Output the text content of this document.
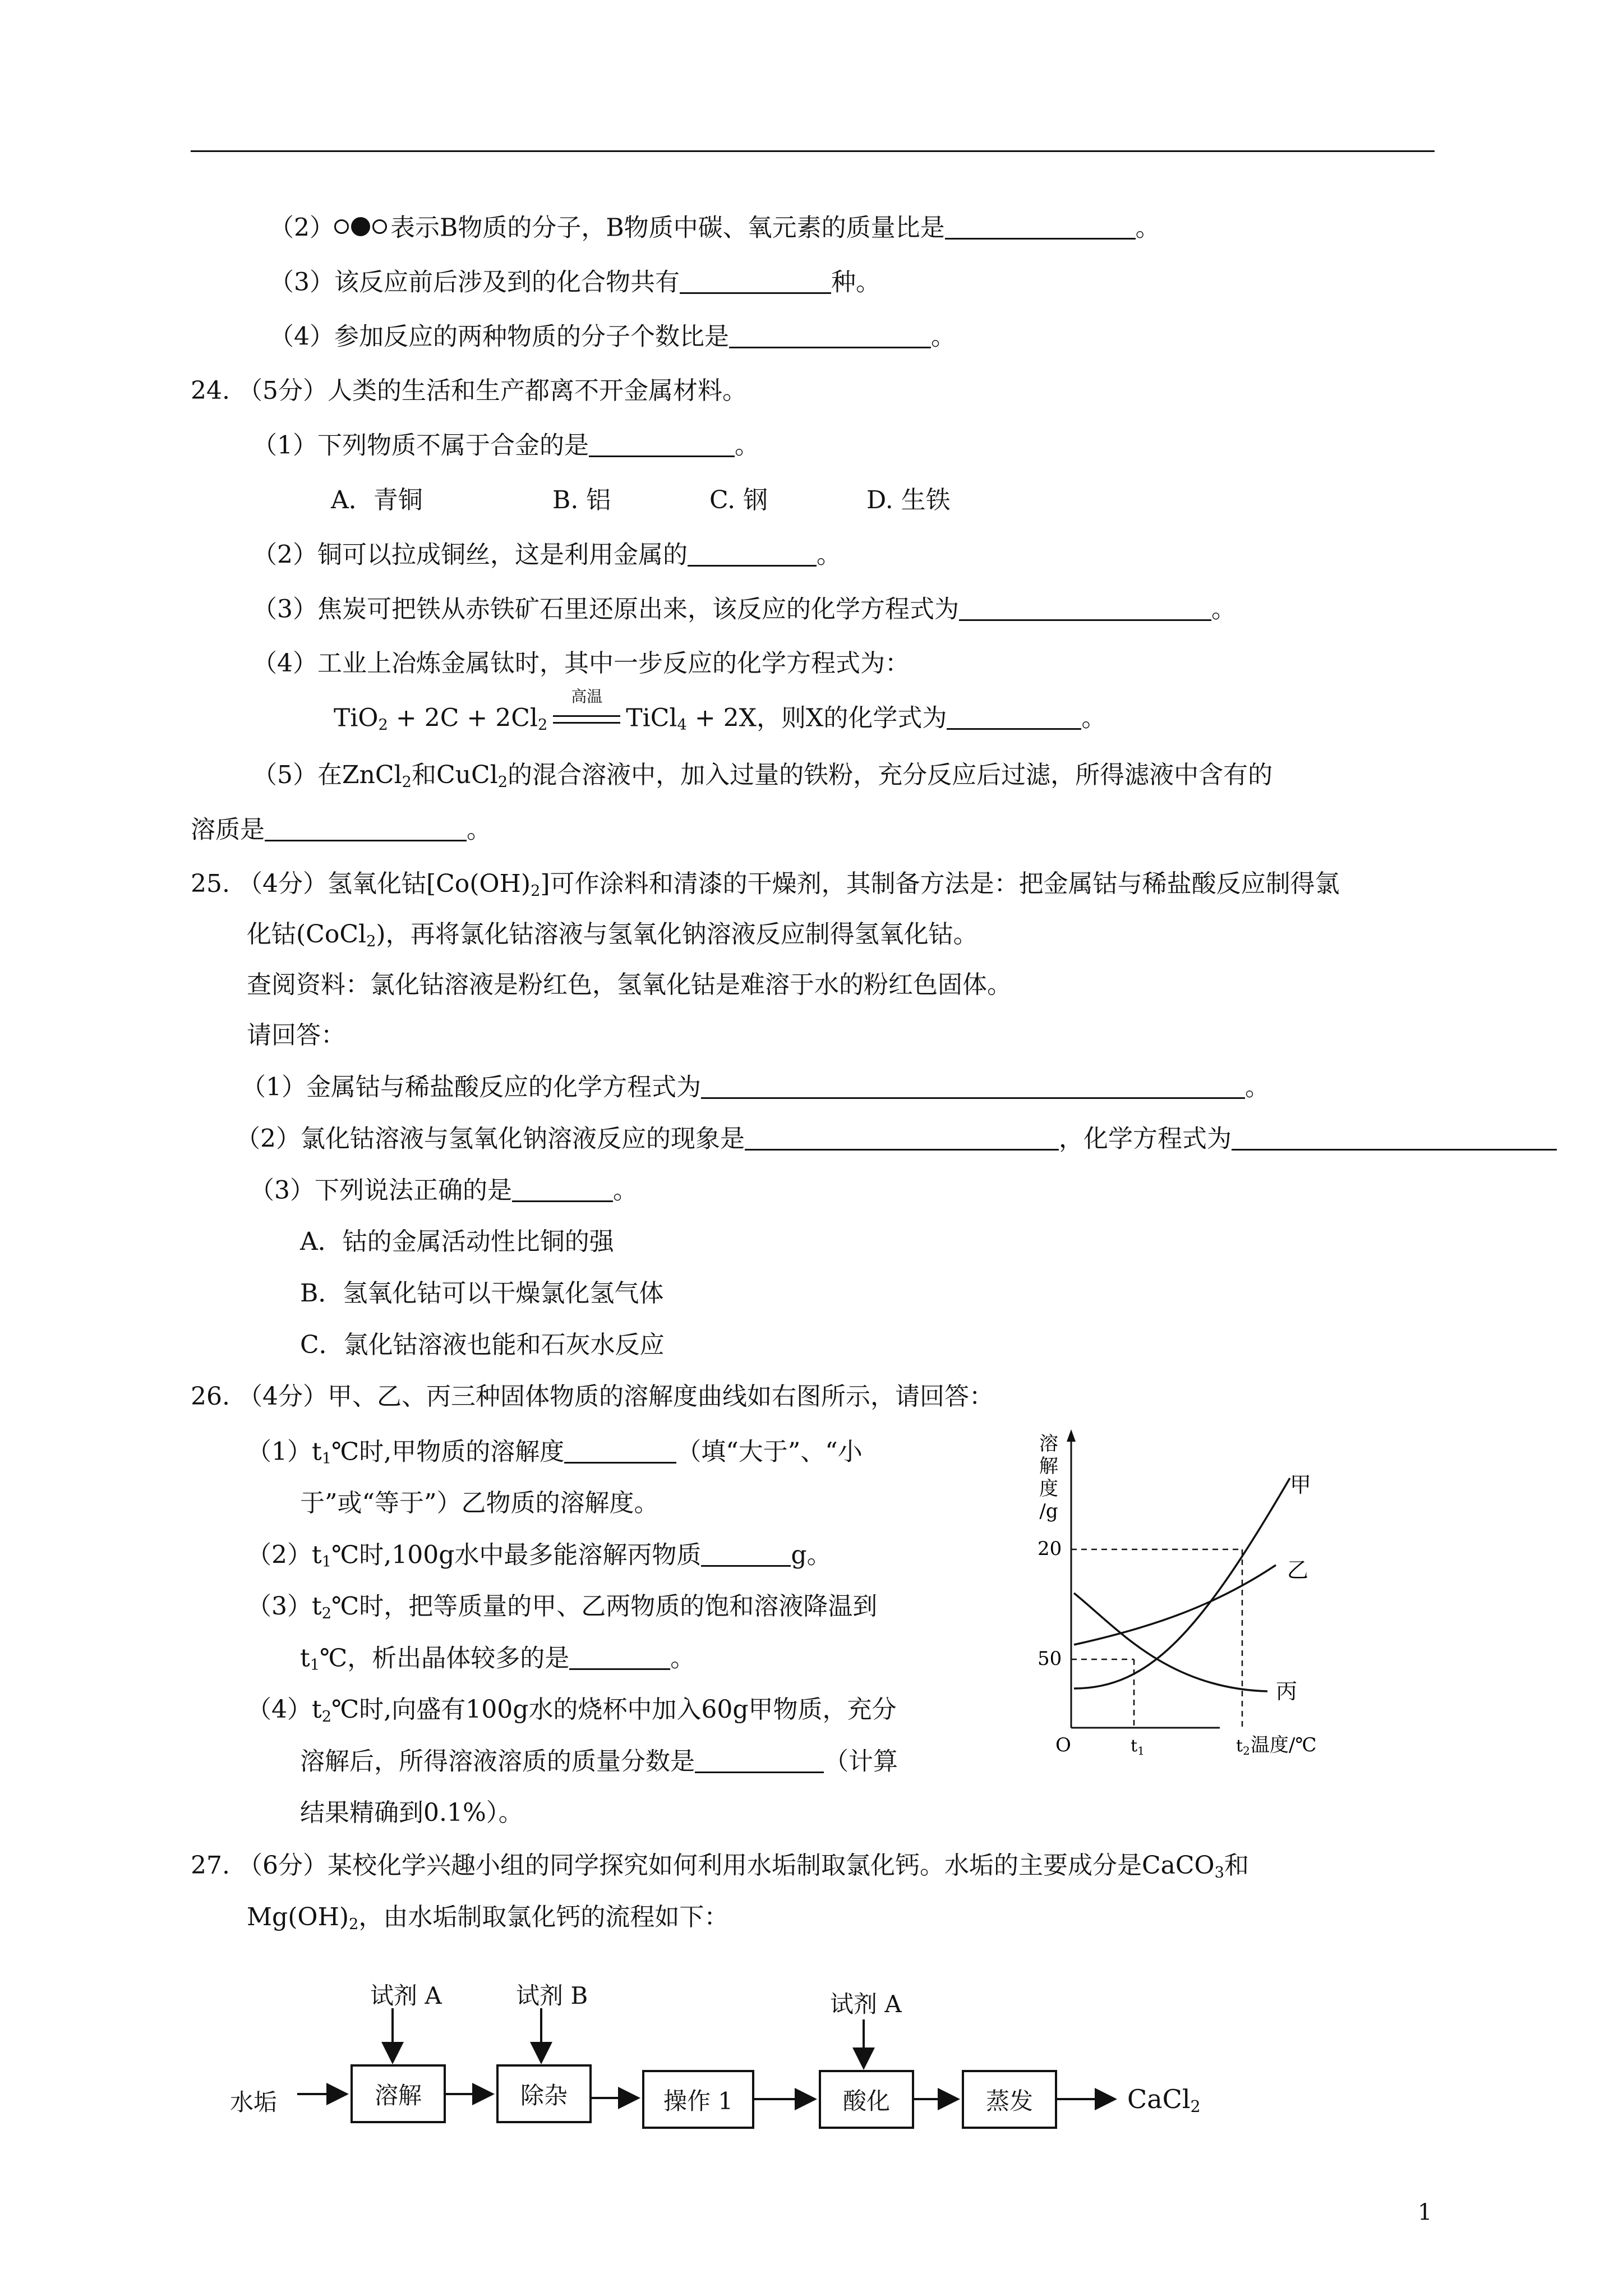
（2） 表示B物质的分子，B物质中碳、氧元素的质量比是	。
（3）该反应前后涉及到的化合物共有	种。
（4）参加反应的两种物质的分子个数比是	。
24. （5分）人类的生活和生产都离不开金属材料。
（1）下列物质不属于合金的是	。
A．青铜	B. 铝	C. 钢	D. 生铁
（2）铜可以拉成铜丝，这是利用金属的	。
（3）焦炭可把铁从赤铁矿石里还原出来，该反应的化学方程式为	。
（4）工业上冶炼金属钛时，其中一步反应的化学方程式为：
$TiO_2 + 2C + 2Cl_2$
高温
TiCl$_4$ + 2X，则X的化学式为	。
（5）在ZnCl$_2$和CuCl$_2$的混合溶液中，加入过量的铁粉，充分反应后过滤，所得滤液中含有的
溶质是	。
25. （4分）氢氧化钴$[Co(OH)_2]$可作涂料和清漆的干燥剂，其制备方法是：把金属钴与稀盐酸反应制得氯
化钴(CoCl$_2$)，再将氯化钴溶液与氢氧化钠溶液反应制得氢氧化钴。
查阅资料：氯化钴溶液是粉红色，氢氧化钴是难溶于水的粉红色固体。
请回答：
（1）金属钴与稀盐酸反应的化学方程式为	。
（2）氯化钴溶液与氢氧化钠溶液反应的现象是	，化学方程式为
（3）下列说法正确的是	。
A．钴的金属活动性比铜的强
B．氢氧化钴可以干燥氯化氢气体
C．氯化钴溶液也能和石灰水反应
26. （4分）甲、乙、丙三种固体物质的溶解度曲线如右图所示，请回答：
$(1)t_1℃$时,甲物质的溶解度	（填“大于”、“小
于”或“等于”）乙物质的溶解度。
$(2)t_1℃$时,100g水中最多能溶解丙物质	g。
$(3)t_2℃$时，把等质量的甲、乙两物质的饱和溶液降温到
$t_1℃$，析出晶体较多的是	。
$(4)t_2℃$时,向盛有100g水的烧杯中加入60g甲物质，充分
溶解后，所得溶液溶质的质量分数是	（计算
结果精确到0.1%）。
溶
解
度
/g
20
50
O	$t_1$	$t_2$ 温度/℃
甲
乙
丙
27. （6分）某校化学兴趣小组的同学探究如何利用水垢制取氯化钙。水垢的主要成分是CaCO$_3$和
$Mg(OH)_2$，由水垢制取氯化钙的流程如下：
试剂 A	试剂 B	试剂 A
水垢	溶解	除杂	操作 1	酸化	蒸发	CaCl$_2$
1
